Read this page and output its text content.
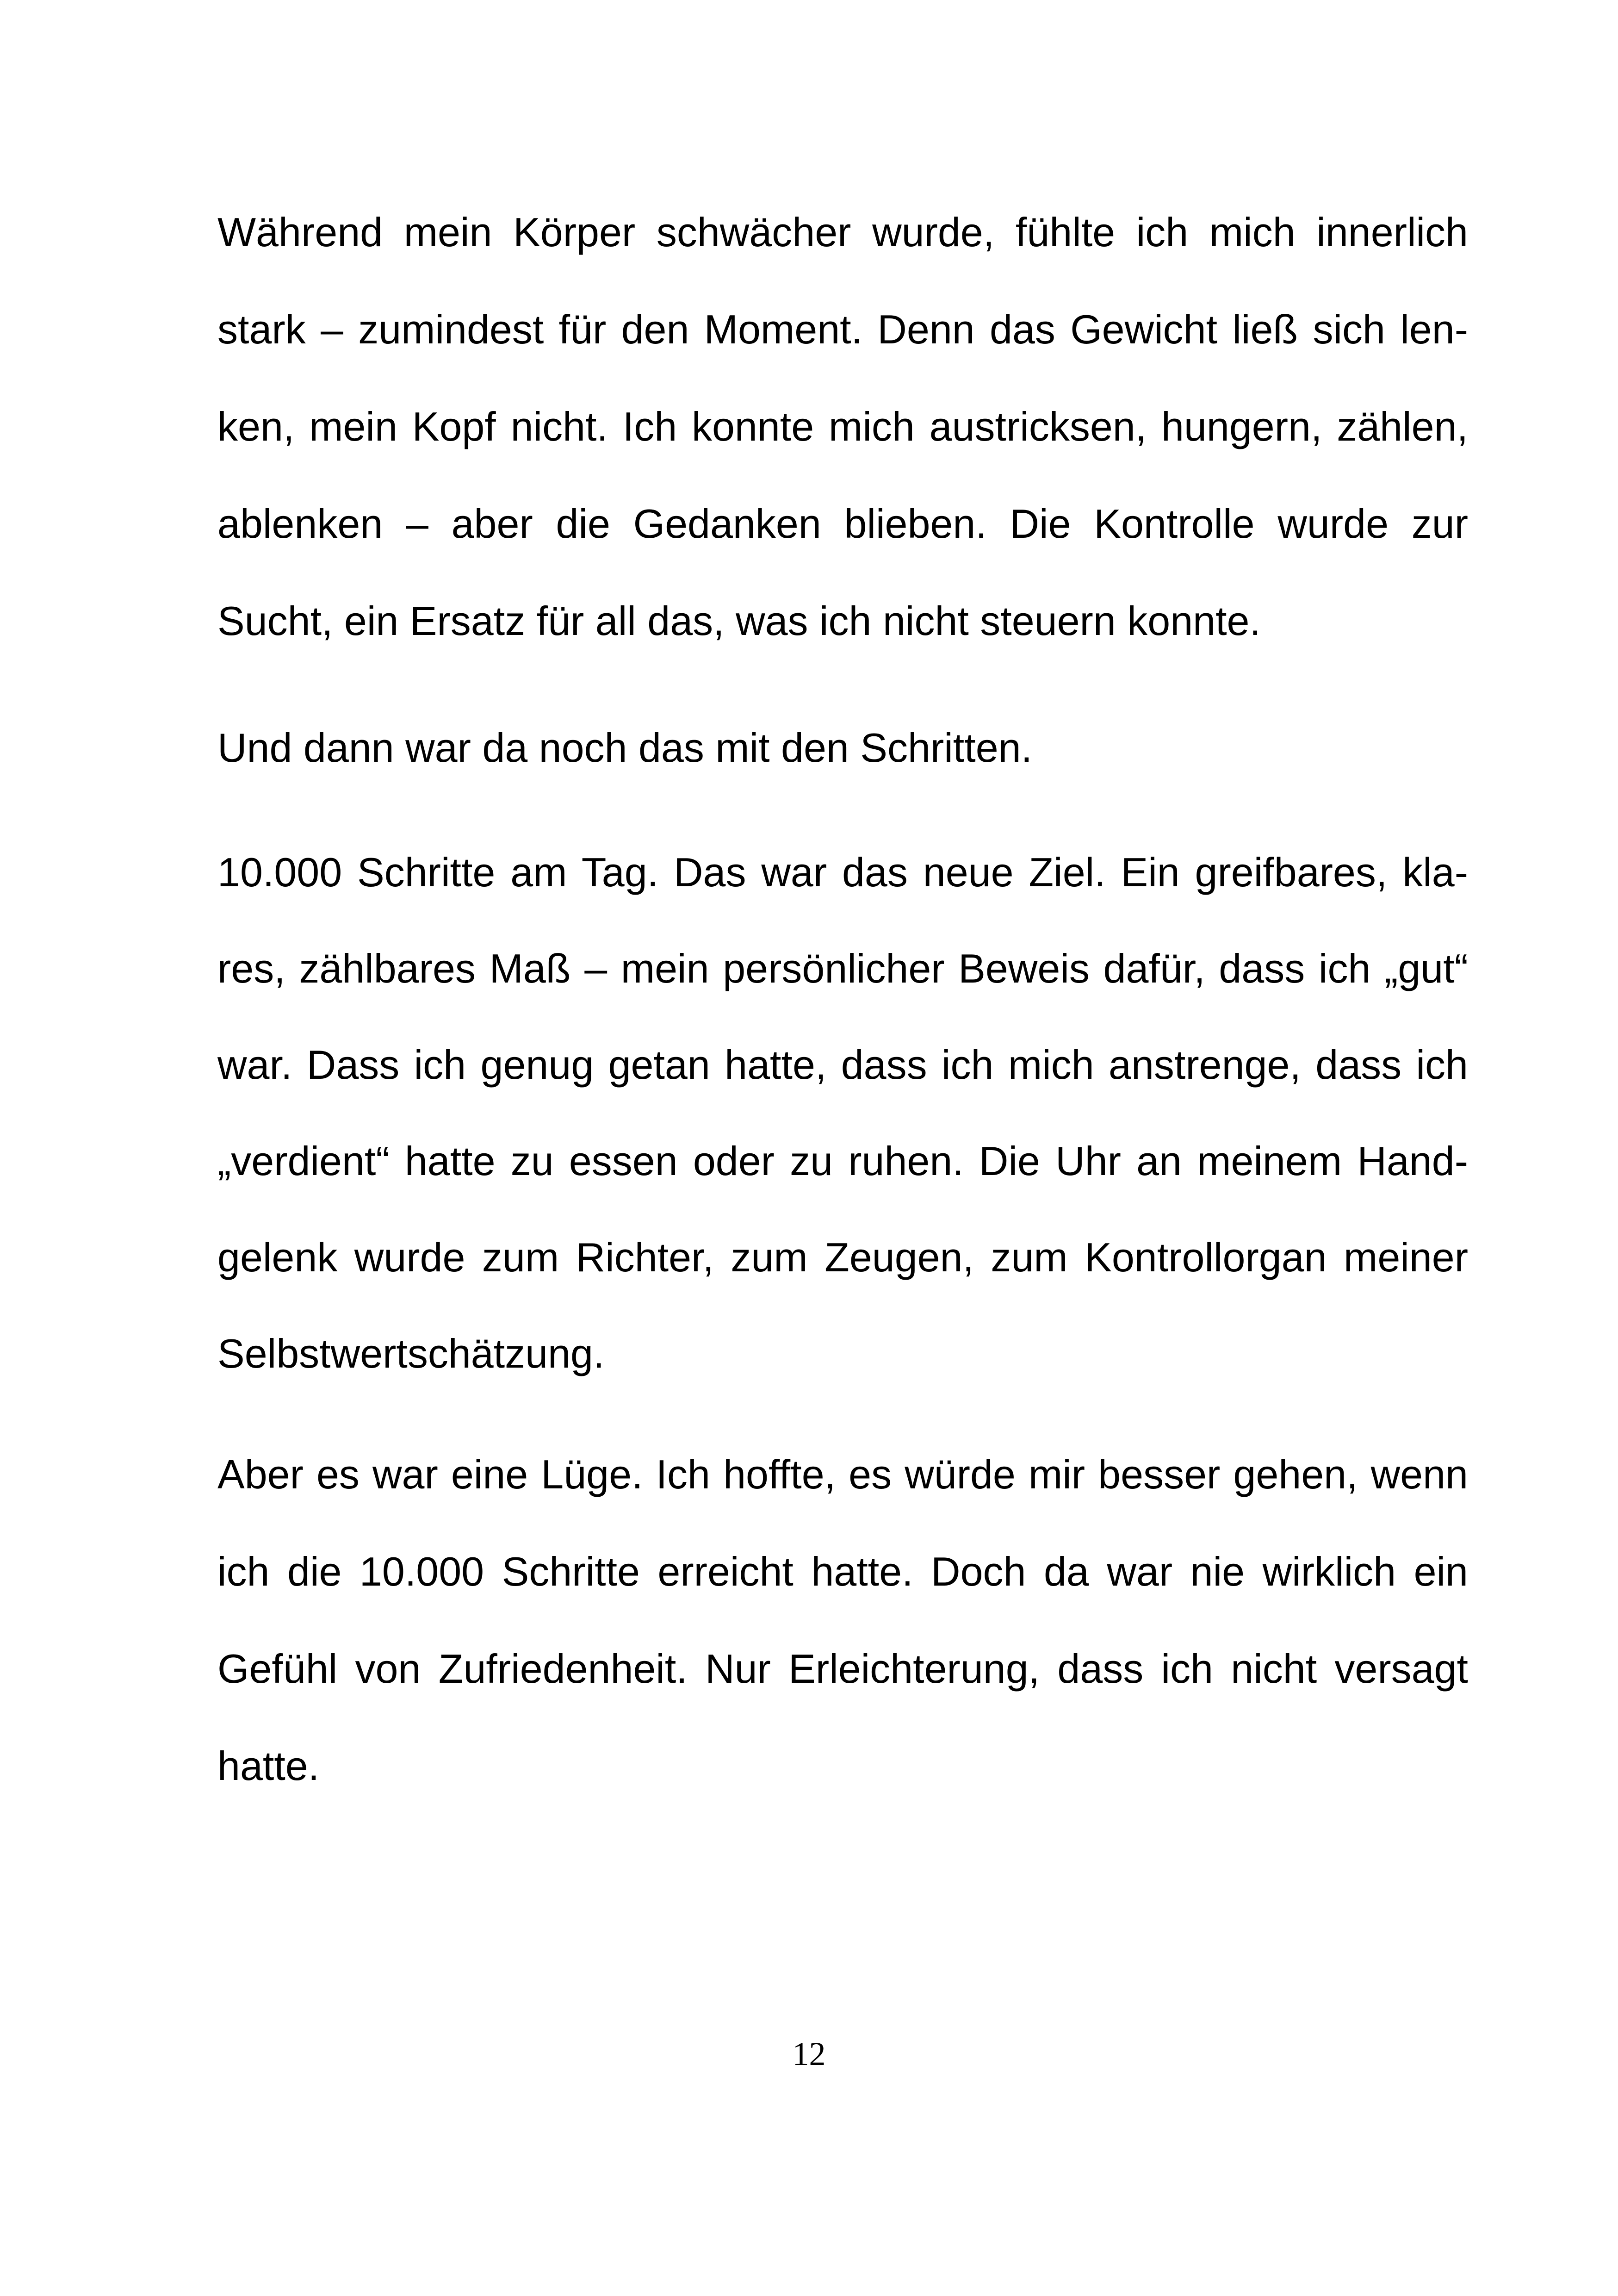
Während mein Körper schwächer wurde, fühlte ich mich innerlich
stark – zumindest für den Moment. Denn das Gewicht ließ sich len-
ken, mein Kopf nicht. Ich konnte mich austricksen, hungern, zählen,
ablenken – aber die Gedanken blieben. Die Kontrolle wurde zur
Sucht, ein Ersatz für all das, was ich nicht steuern konnte.
Und dann war da noch das mit den Schritten.
10.000 Schritte am Tag. Das war das neue Ziel. Ein greifbares, kla-
res, zählbares Maß – mein persönlicher Beweis dafür, dass ich „gut“
war. Dass ich genug getan hatte, dass ich mich anstrenge, dass ich
„verdient“ hatte zu essen oder zu ruhen. Die Uhr an meinem Hand-
gelenk wurde zum Richter, zum Zeugen, zum Kontrollorgan meiner
Selbstwertschätzung.
Aber es war eine Lüge. Ich hoffte, es würde mir besser gehen, wenn
ich die 10.000 Schritte erreicht hatte. Doch da war nie wirklich ein
Gefühl von Zufriedenheit. Nur Erleichterung, dass ich nicht versagt
hatte.
12
